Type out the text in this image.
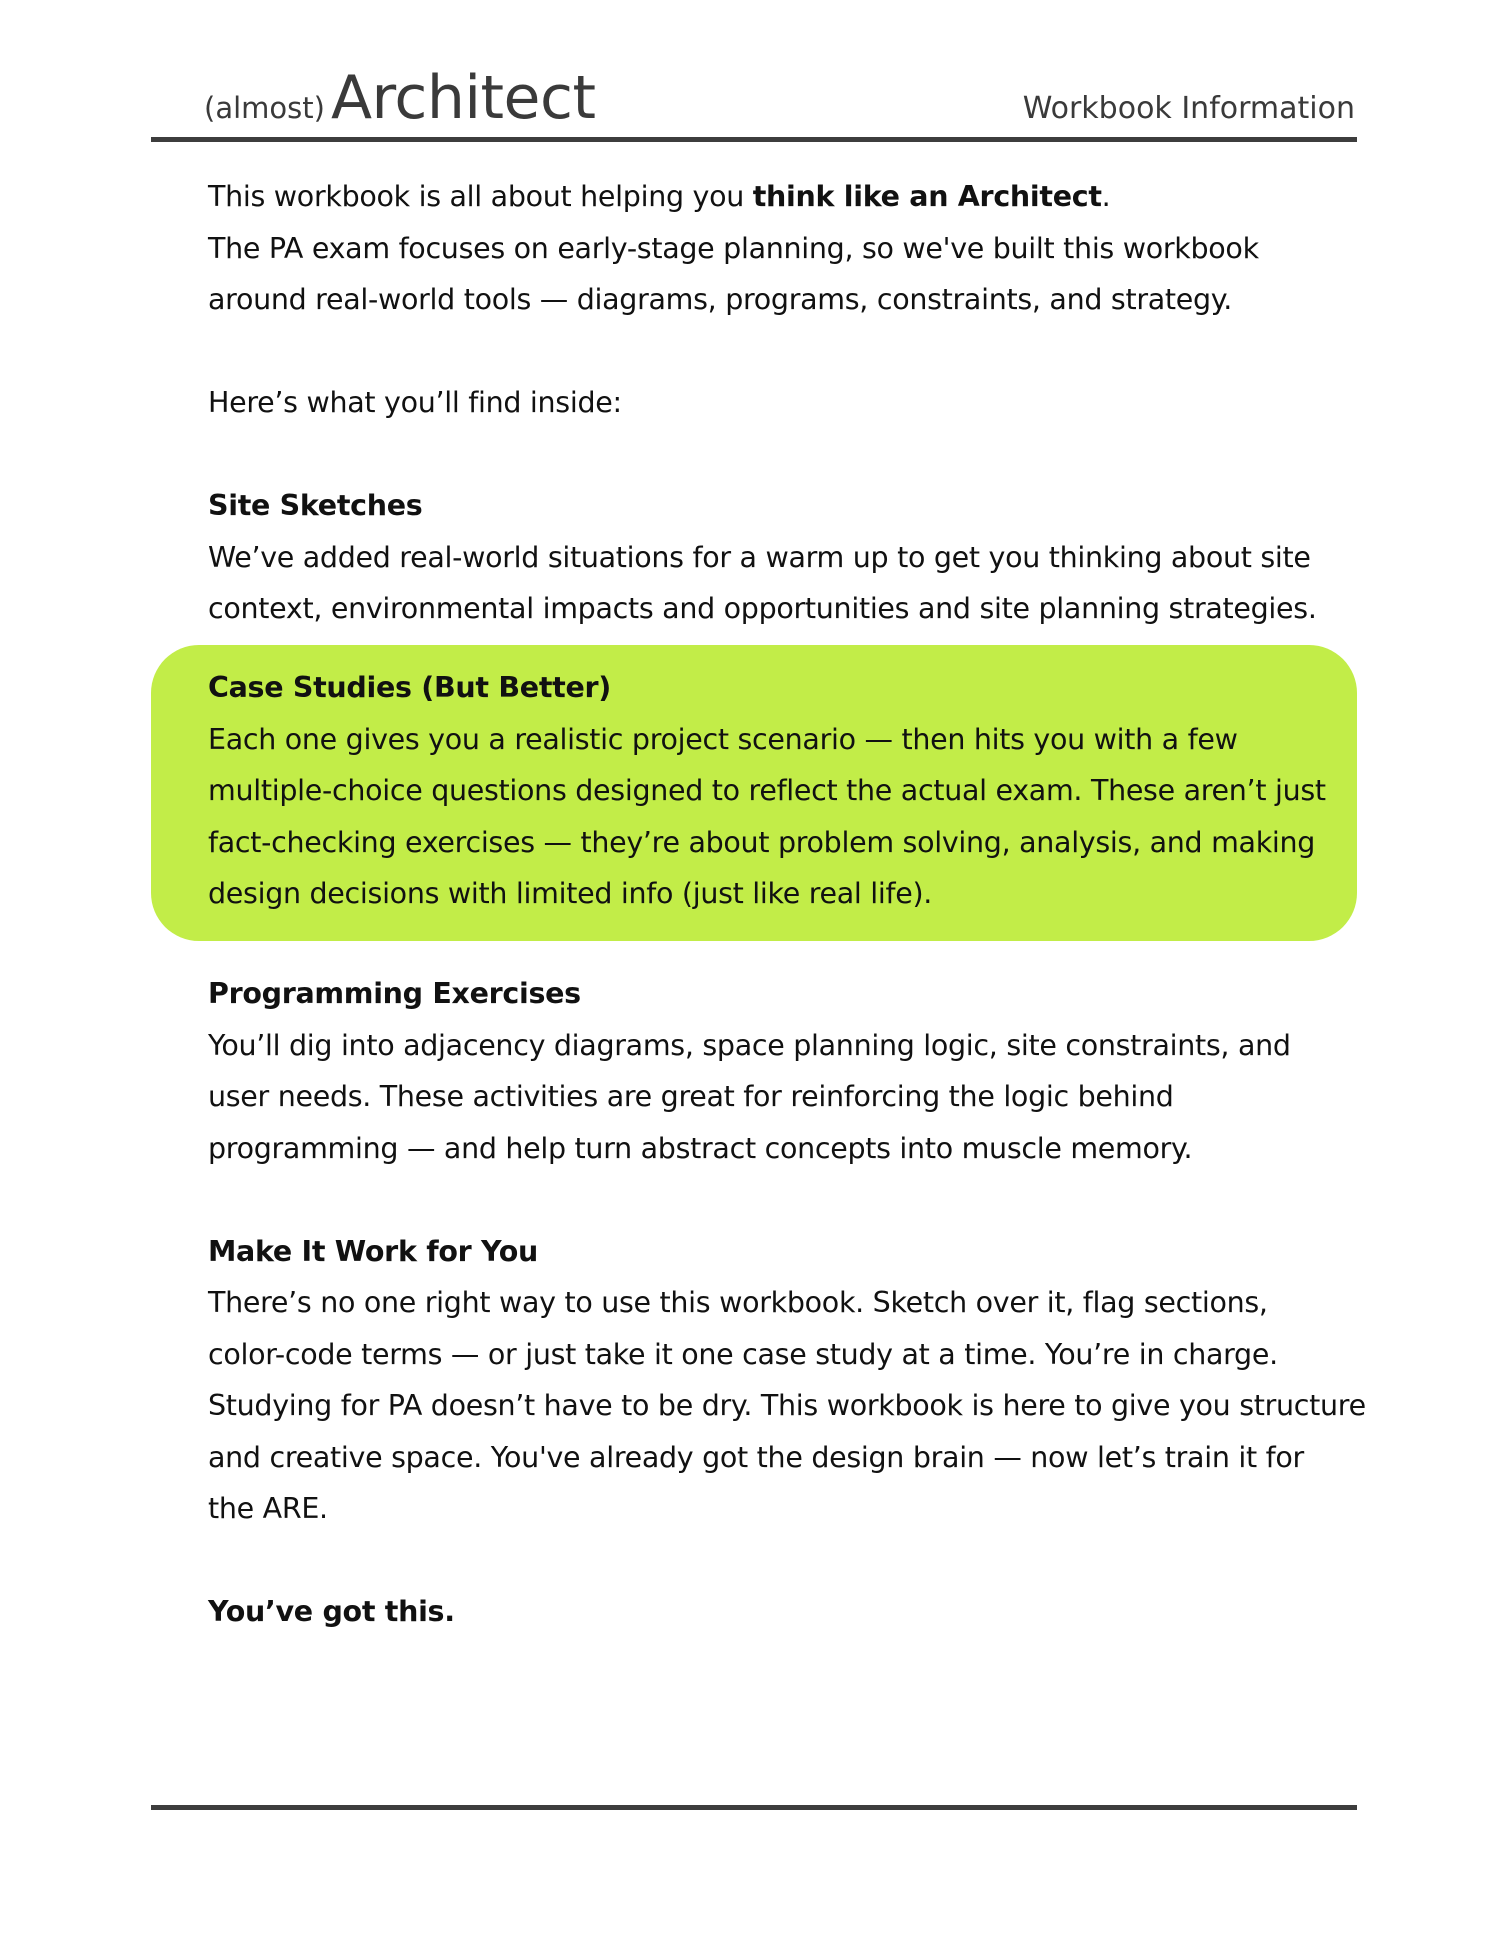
(almost) Architect	Workbook Information

This workbook is all about helping you think like an Architect.

The PA exam focuses on early-stage planning, so we've built this workbook

around real-world tools — diagrams, programs, constraints, and strategy.

Here’s what you’ll find inside:

Site Sketches

We’ve added real-world situations for a warm up to get you thinking about site

context, environmental impacts and opportunities and site planning strategies.

Case Studies (But Better)

Each one gives you a realistic project scenario — then hits you with a few

multiple-choice questions designed to reflect the actual exam. These aren’t just

fact-checking exercises — they’re about problem solving, analysis, and making

design decisions with limited info (just like real life).

Programming Exercises

You’ll dig into adjacency diagrams, space planning logic, site constraints, and

user needs. These activities are great for reinforcing the logic behind

programming — and help turn abstract concepts into muscle memory.

Make It Work for You

There’s no one right way to use this workbook. Sketch over it, flag sections,

color-code terms — or just take it one case study at a time. You’re in charge.

Studying for PA doesn’t have to be dry. This workbook is here to give you structure

and creative space. You've already got the design brain — now let’s train it for

the ARE.

You’ve got this.
